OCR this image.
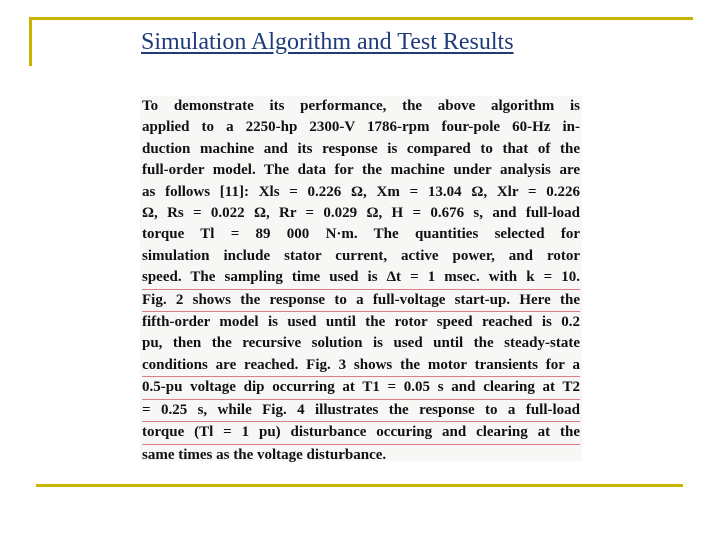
Simulation Algorithm and Test Results
To demonstrate its performance, the above algorithm is
applied to a 2250-hp 2300-V 1786-rpm four-pole 60-Hz in-
duction machine and its response is compared to that of the
full-order model. The data for the machine under analysis are
as follows [11]: Xls = 0.226 Ω, Xm = 13.04 Ω, Xlr = 0.226
Ω, Rs = 0.022 Ω, Rr = 0.029 Ω, H = 0.676 s, and full-load
torque Tl = 89 000 N·m. The quantities selected for
simulation include stator current, active power, and rotor
speed. The sampling time used is Δt = 1 msec. with k = 10.
Fig. 2 shows the response to a full-voltage start-up. Here the
fifth-order model is used until the rotor speed reached is 0.2
pu, then the recursive solution is used until the steady-state
conditions are reached. Fig. 3 shows the motor transients for a
0.5-pu voltage dip occurring at T1 = 0.05 s and clearing at T2
= 0.25 s, while Fig. 4 illustrates the response to a full-load
torque (Tl = 1 pu) disturbance occuring and clearing at the
same times as the voltage disturbance.
